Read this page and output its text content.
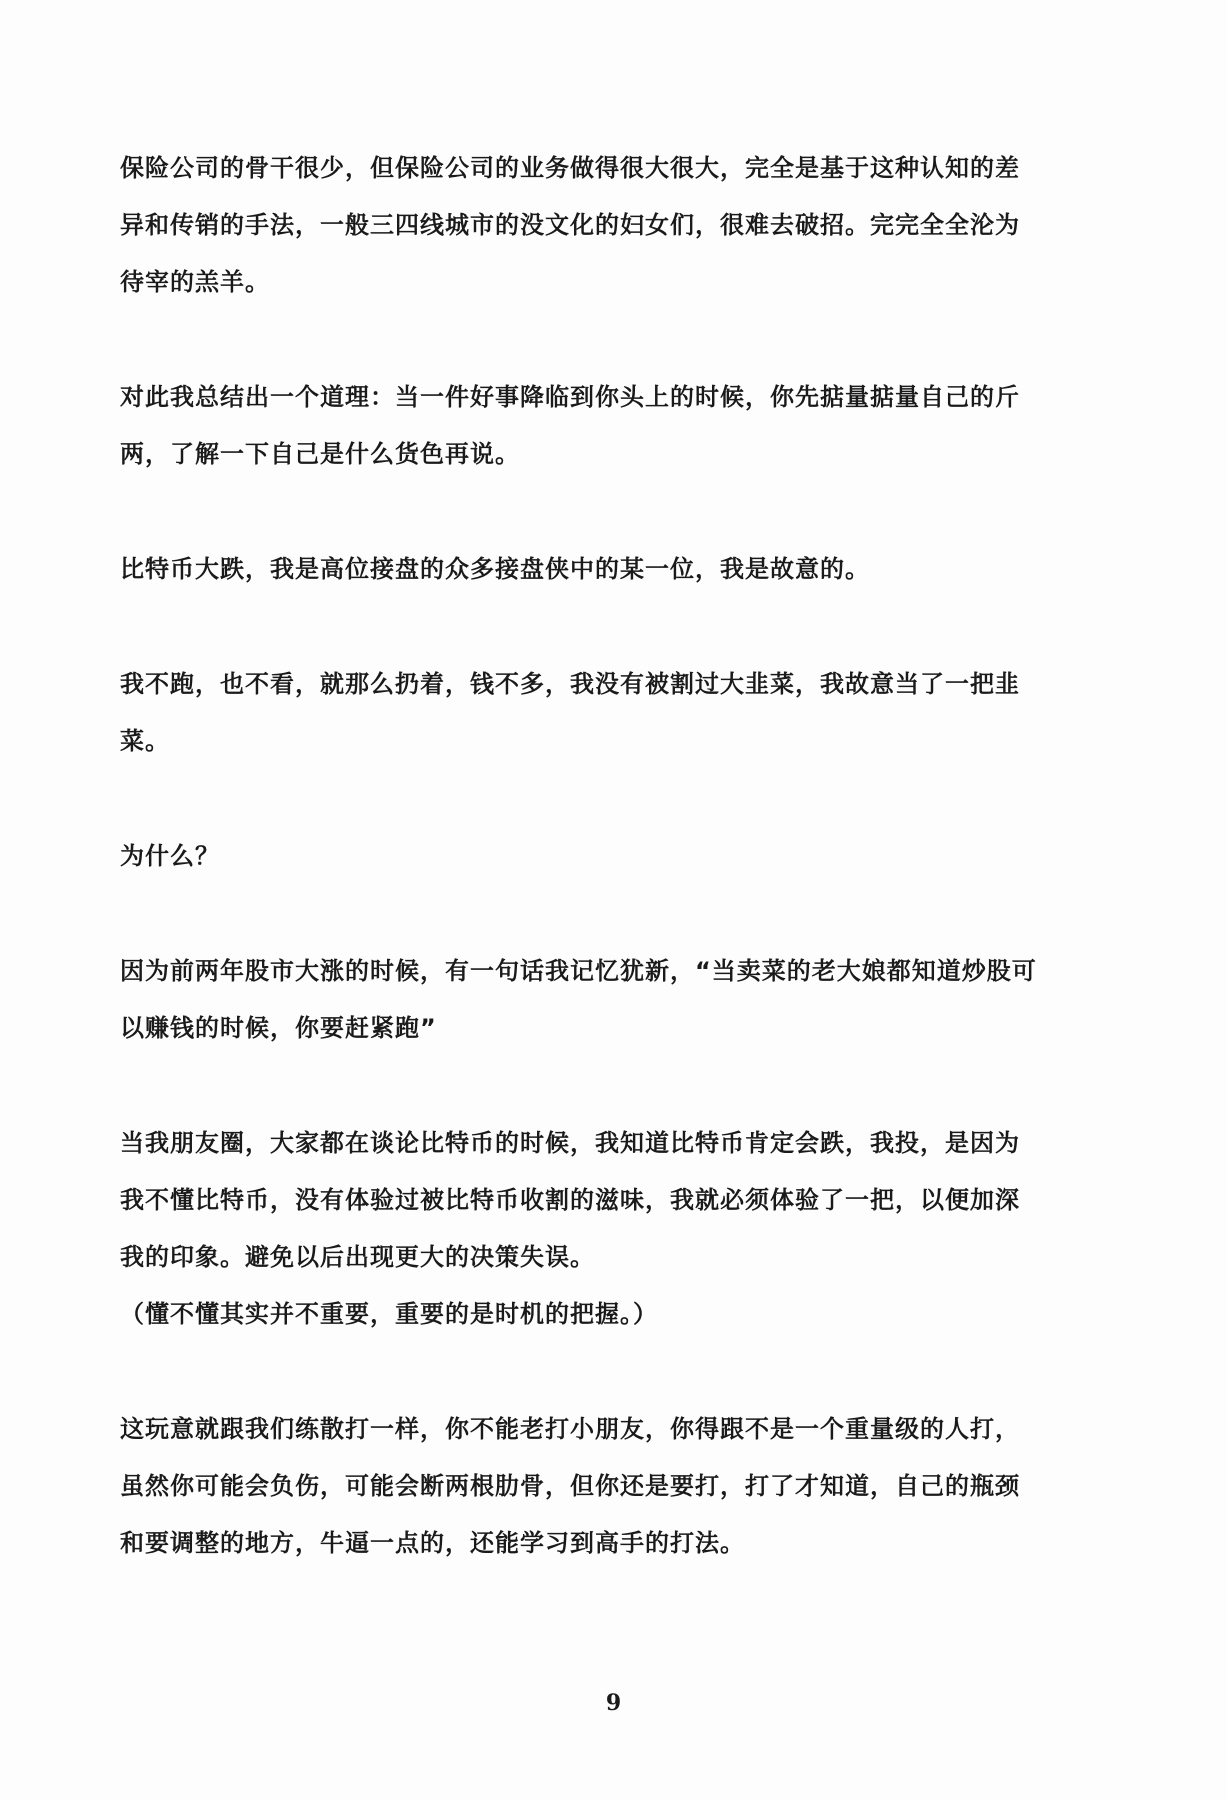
保险公司的骨干很少，但保险公司的业务做得很大很大，完全是基于这种认知的差
异和传销的手法，一般三四线城市的没文化的妇女们，很难去破招。完完全全沦为
待宰的羔羊。

对此我总结出一个道理：当一件好事降临到你头上的时候，你先掂量掂量自己的斤
两，了解一下自己是什么货色再说。

比特币大跌，我是高位接盘的众多接盘侠中的某一位，我是故意的。

我不跑，也不看，就那么扔着，钱不多，我没有被割过大韭菜，我故意当了一把韭
菜。

为什么？

因为前两年股市大涨的时候，有一句话我记忆犹新，“当卖菜的老大娘都知道炒股可
以赚钱的时候，你要赶紧跑”

当我朋友圈，大家都在谈论比特币的时候，我知道比特币肯定会跌，我投，是因为
我不懂比特币，没有体验过被比特币收割的滋味，我就必须体验了一把，以便加深
我的印象。避免以后出现更大的决策失误。

（懂不懂其实并不重要，重要的是时机的把握。）

这玩意就跟我们练散打一样，你不能老打小朋友，你得跟不是一个重量级的人打，
虽然你可能会负伤，可能会断两根肋骨，但你还是要打，打了才知道，自己的瓶颈
和要调整的地方，牛逼一点的，还能学习到高手的打法。

9
